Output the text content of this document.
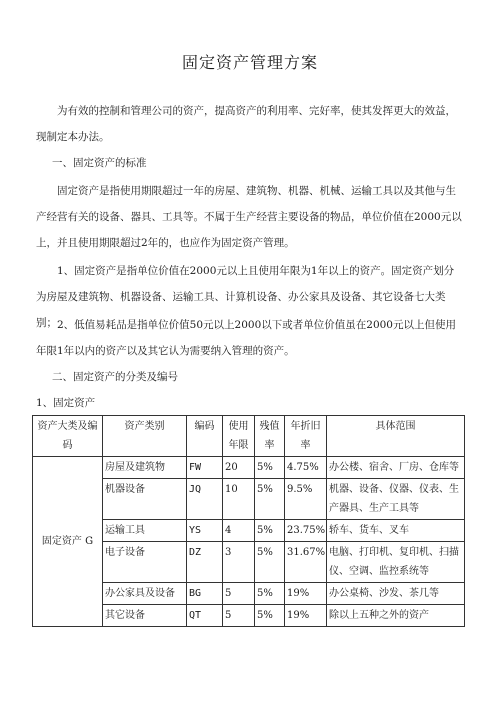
固定资产管理方案

为有效的控制和管理公司的资产，提高资产的利用率、完好率，使其发挥更大的效益，现制定本办法。

一、固定资产的标准

固定资产是指使用期限超过一年的房屋、建筑物、机器、机械、运输工具以及其他与生产经营有关的设备、器具、工具等。不属于生产经营主要设备的物品，单位价值在2000元以上，并且使用期限超过2年的，也应作为固定资产管理。

1、固定资产是指单位价值在2000元以上且使用年限为1年以上的资产。固定资产划分为房屋及建筑物、机器设备、运输工具、计算机设备、办公家具及设备、其它设备七大类别； 2、低值易耗品是指单位价值50元以上2000以下或者单位价值虽在2000元以上但使用年限1年以内的资产以及其它认为需要纳入管理的资产。

二、固定资产的分类及编号

1、固定资产
资产大类及编码	资产类别	编码	使用年限	残值率	年折旧率	具体范围
固定资产 G	房屋及建筑物	FW	20	5%	4.75%	办公楼、宿舍、厂房、仓库等
	机器设备	JQ	10	5%	9.5%	机器、设备、仪器、仪表、生产器具、生产工具等
	运输工具	YS	4	5%	23.75%	轿车、货车、叉车
	电子设备	DZ	3	5%	31.67%	电脑、打印机、复印机、扫描仪、空调、监控系统等
	办公家具及设备	BG	5	5%	19%	办公桌椅、沙发、茶几等
	其它设备	QT	5	5%	19%	除以上五种之外的资产
